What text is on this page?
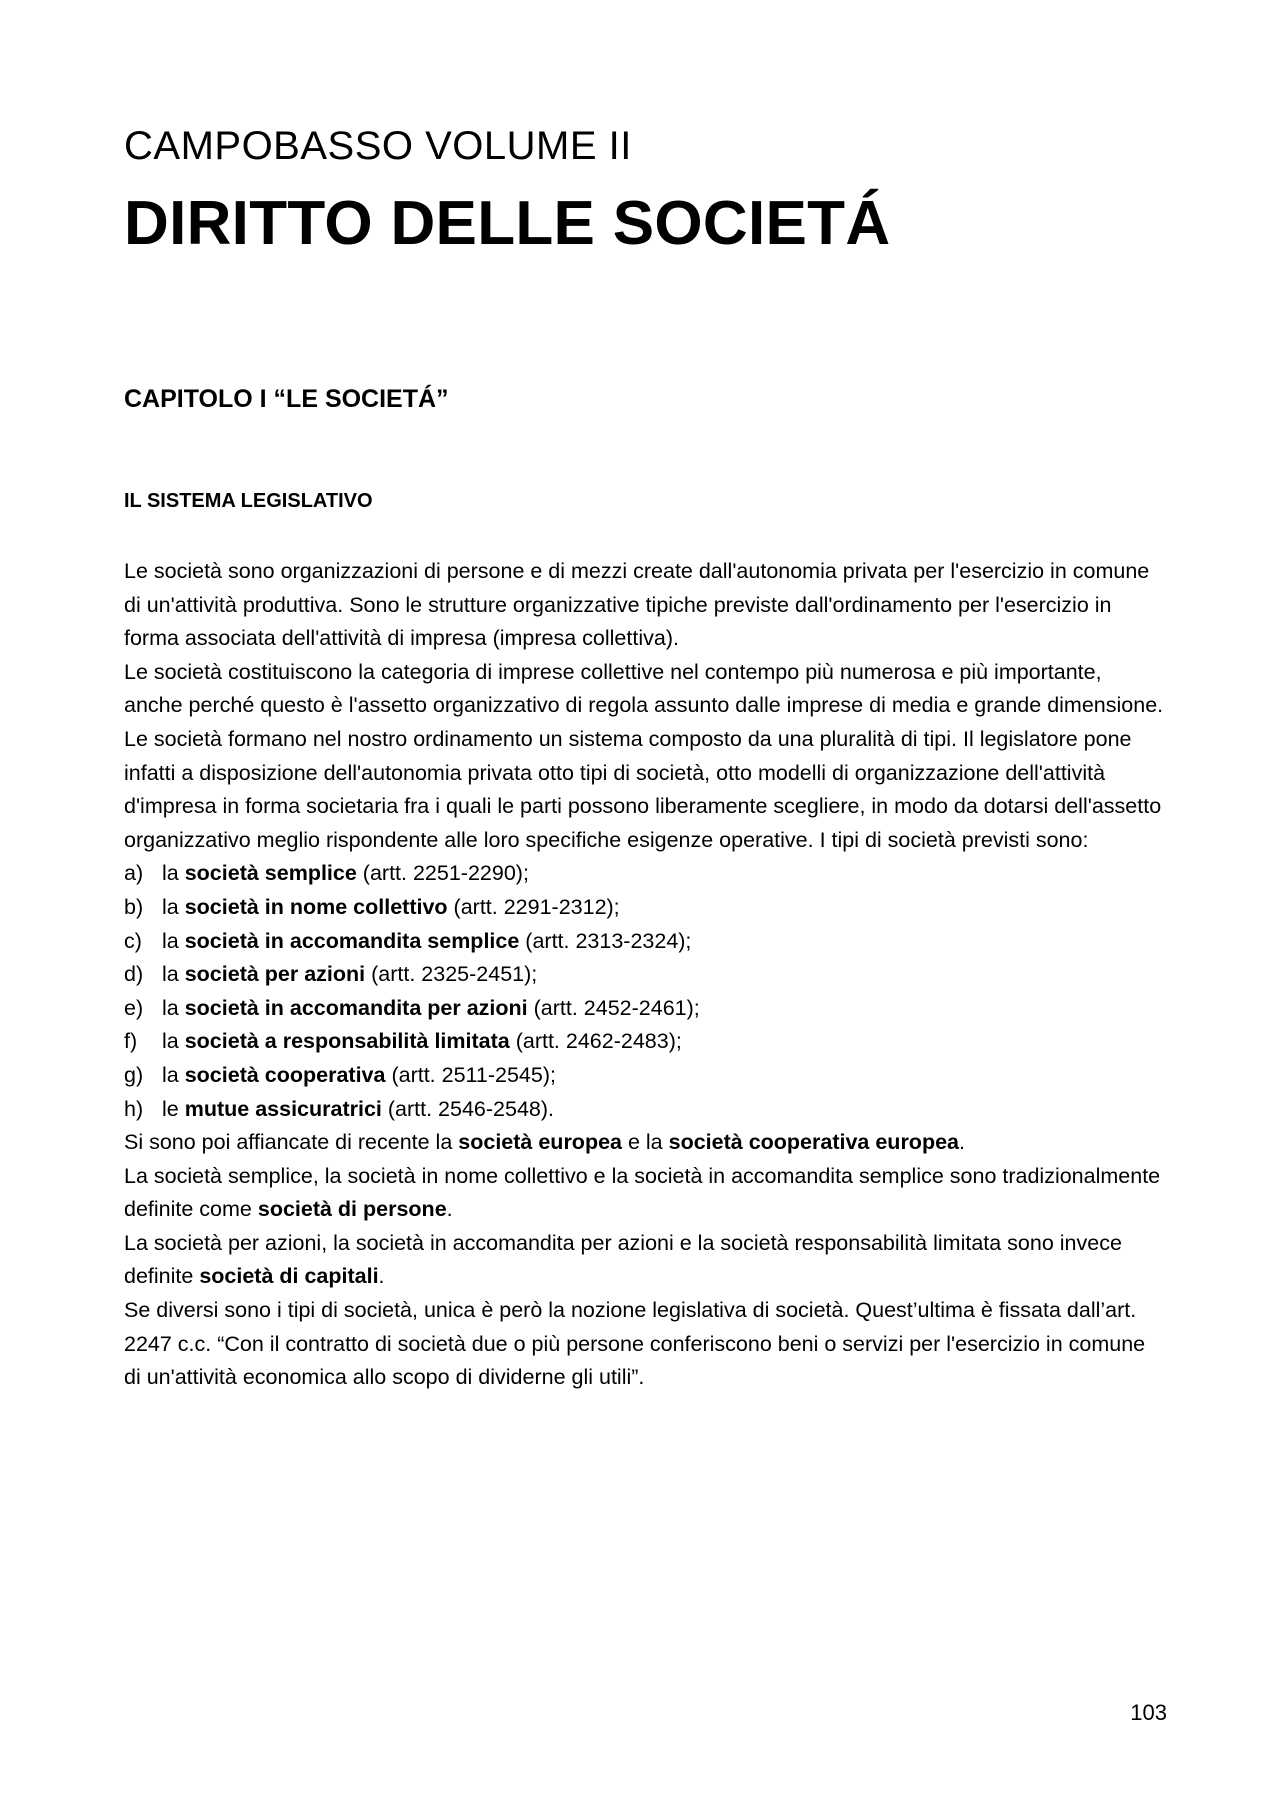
CAMPOBASSO VOLUME II
DIRITTO DELLE SOCIETÁ
CAPITOLO I “LE SOCIETÁ”
IL SISTEMA LEGISLATIVO

Le società sono organizzazioni di persone e di mezzi create dall'autonomia privata per l'esercizio in comune di un'attività produttiva. Sono le strutture organizzative tipiche previste dall'ordinamento per l'esercizio in forma associata dell'attività di impresa (impresa collettiva).

Le società costituiscono la categoria di imprese collettive nel contempo più numerosa e più importante, anche perché questo è l'assetto organizzativo di regola assunto dalle imprese di media e grande dimensione.

Le società formano nel nostro ordinamento un sistema composto da una pluralità di tipi. Il legislatore pone infatti a disposizione dell'autonomia privata otto tipi di società, otto modelli di organizzazione dell'attività d'impresa in forma societaria fra i quali le parti possono liberamente scegliere, in modo da dotarsi dell'assetto organizzativo meglio rispondente alle loro specifiche esigenze operative. I tipi di società previsti sono:

a) la società semplice (artt. 2251-2290);
b) la società in nome collettivo (artt. 2291-2312);
c) la società in accomandita semplice (artt. 2313-2324);
d) la società per azioni (artt. 2325-2451);
e) la società in accomandita per azioni (artt. 2452-2461);
f) la società a responsabilità limitata (artt. 2462-2483);
g) la società cooperativa (artt. 2511-2545);
h) le mutue assicuratrici (artt. 2546-2548).

Si sono poi affiancate di recente la società europea e la società cooperativa europea.

La società semplice, la società in nome collettivo e la società in accomandita semplice sono tradizionalmente definite come società di persone.

La società per azioni, la società in accomandita per azioni e la società responsabilità limitata sono invece definite società di capitali.

Se diversi sono i tipi di società, unica è però la nozione legislativa di società. Quest’ultima è fissata dall’art. 2247 c.c. “Con il contratto di società due o più persone conferiscono beni o servizi per l'esercizio in comune di un'attività economica allo scopo di dividerne gli utili”.

103
